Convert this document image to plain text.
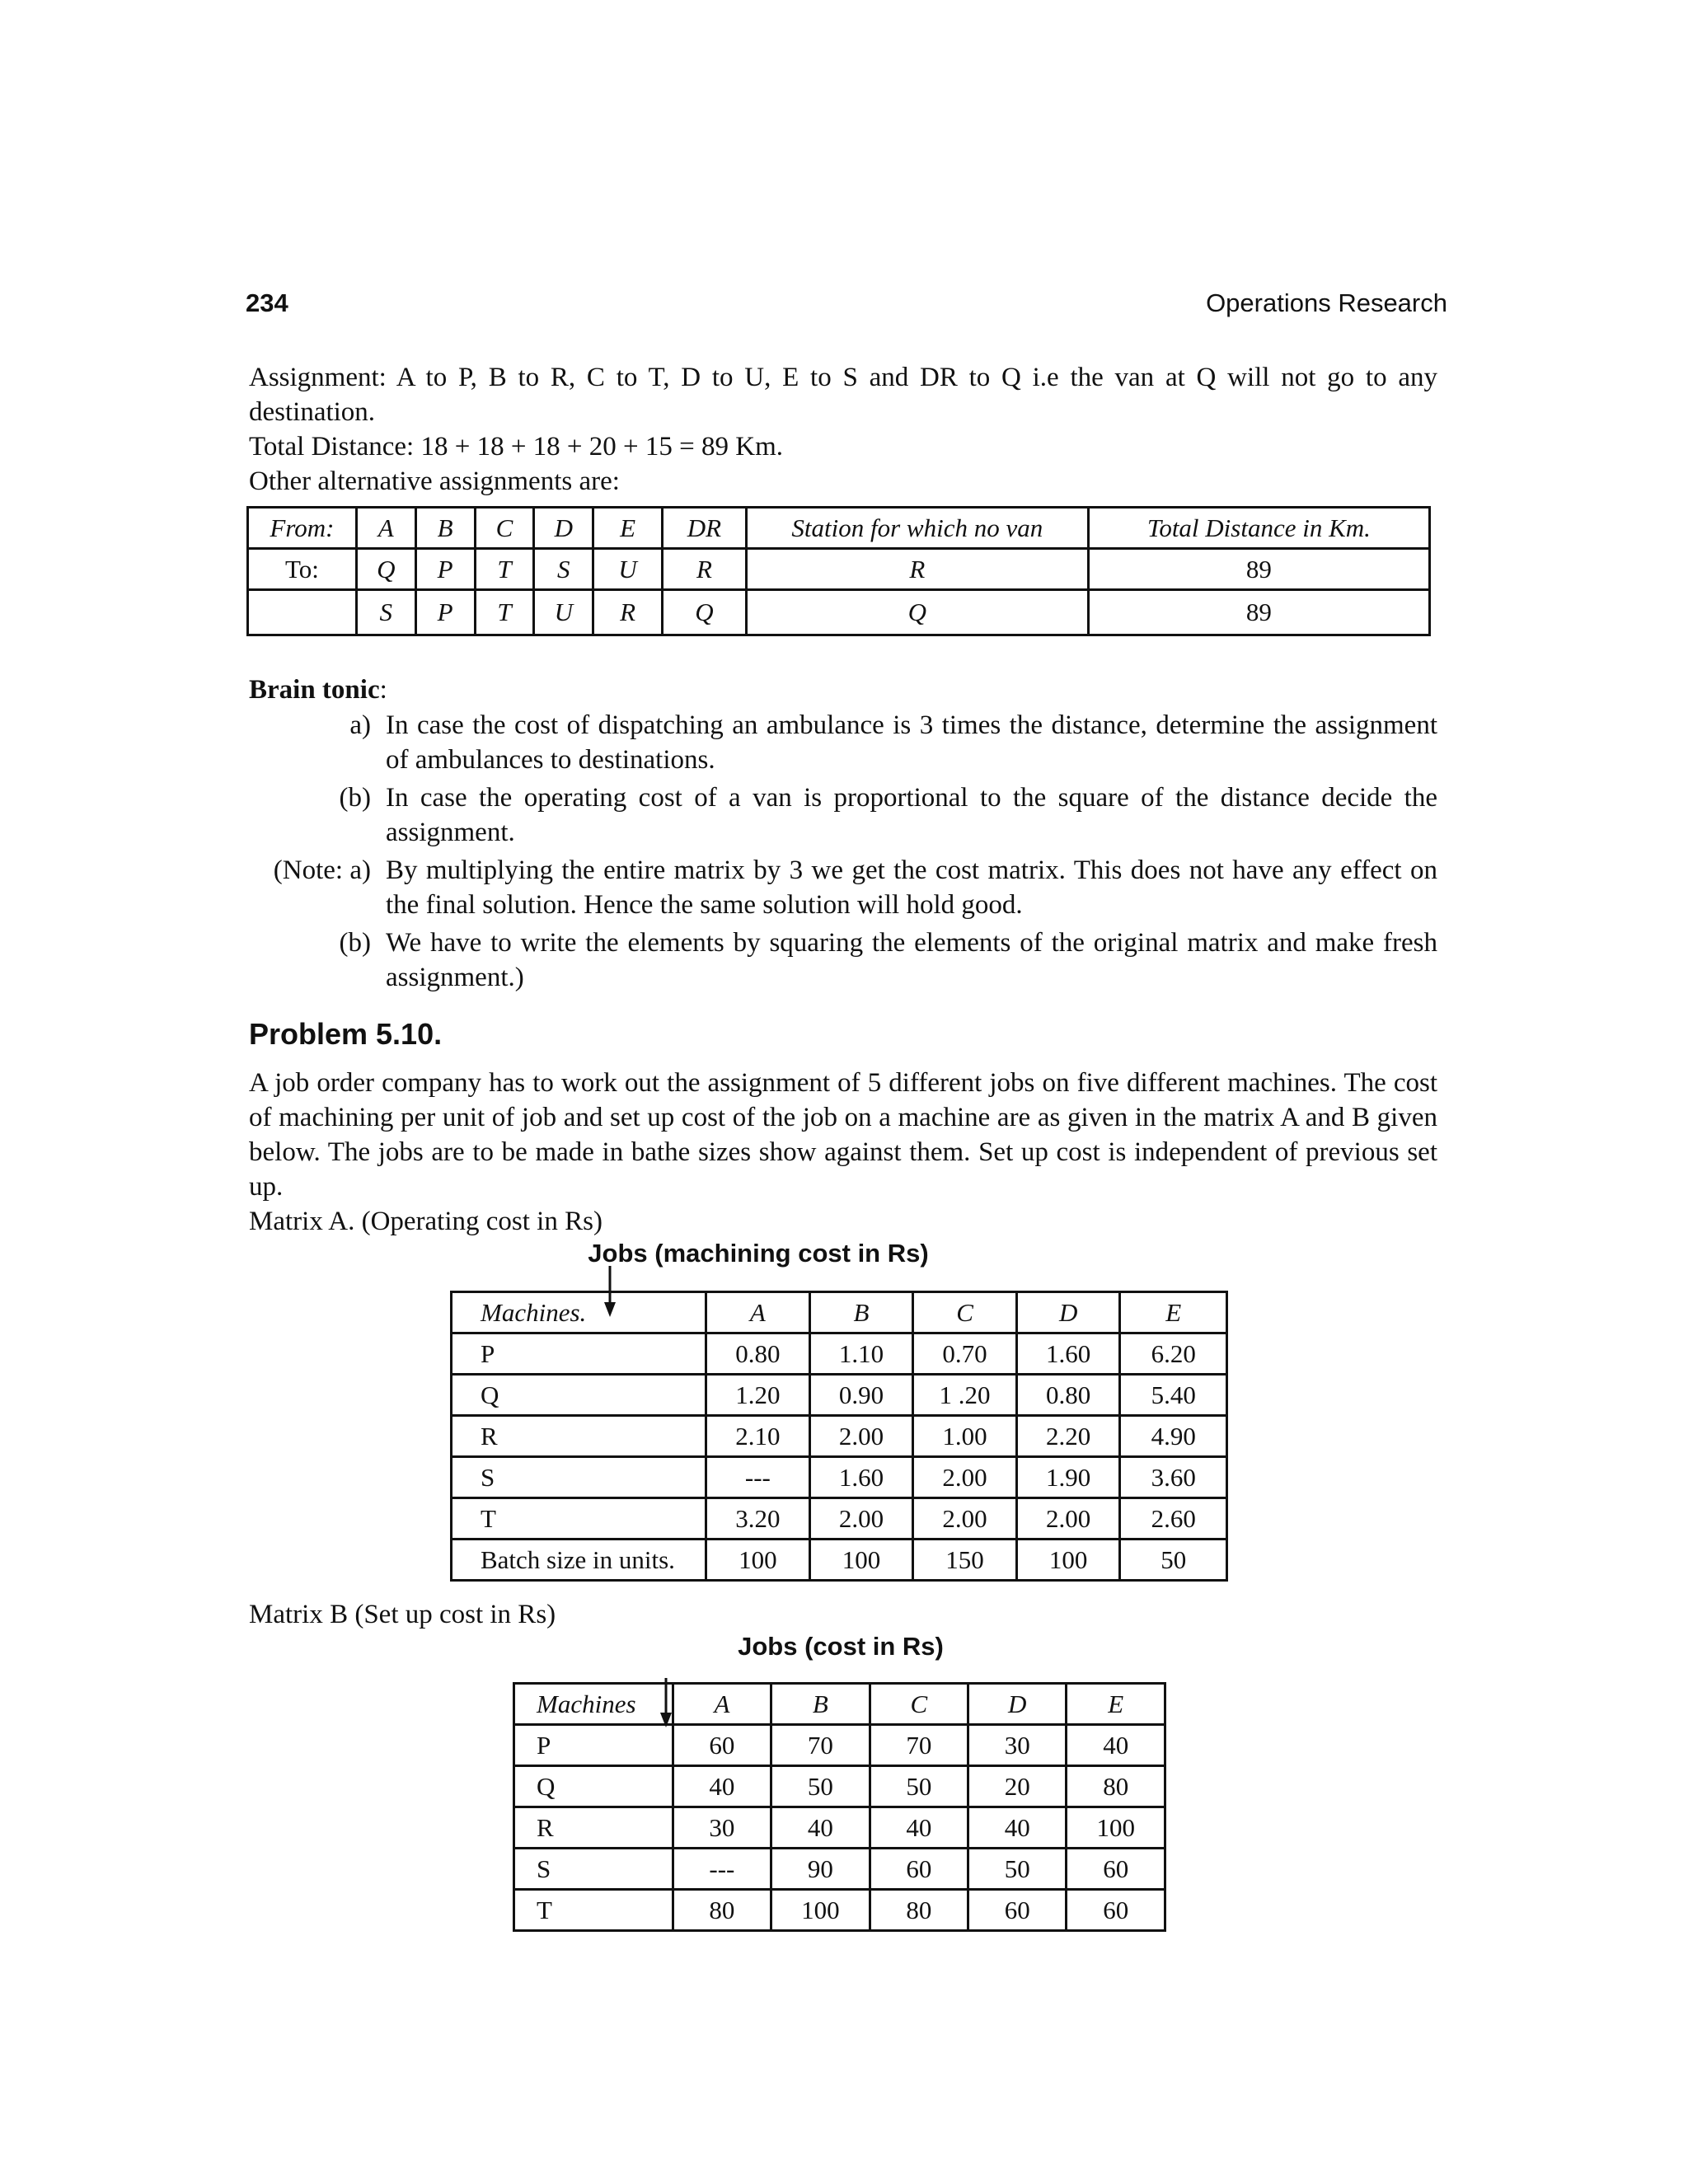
234	Operations Research
Assignment: A to P, B to R, C to T, D to U, E to S and DR to Q i.e the van at Q will not go to any destination.
Total Distance: 18 + 18 + 18 + 20 + 15 = 89 Km.
Other alternative assignments are:
From:	A	B	C	D	E	DR	Station for which no van	Total Distance in Km.
To:	Q	P	T	S	U	R	R	89
	S	P	T	U	R	Q	Q	89
Brain tonic:
a) In case the cost of dispatching an ambulance is 3 times the distance, determine the assignment of ambulances to destinations.
(b) In case the operating cost of a van is proportional to the square of the distance decide the assignment.
(Note: a) By multiplying the entire matrix by 3 we get the cost matrix. This does not have any effect on the final solution. Hence the same solution will hold good.
(b) We have to write the elements by squaring the elements of the original matrix and make fresh assignment.)
Problem 5.10.
A job order company has to work out the assignment of 5 different jobs on five different machines. The cost of machining per unit of job and set up cost of the job on a machine are as given in the matrix A and B given below. The jobs are to be made in bathe sizes show against them. Set up cost is independent of previous set up.
Matrix A. (Operating cost in Rs)
Jobs (machining cost in Rs)
Machines.	A	B	C	D	E
P	0.80	1.10	0.70	1.60	6.20
Q	1.20	0.90	1 .20	0.80	5.40
R	2.10	2.00	1.00	2.20	4.90
S	---	1.60	2.00	1.90	3.60
T	3.20	2.00	2.00	2.00	2.60
Batch size in units.	100	100	150	100	50
Matrix B (Set up cost in Rs)
Jobs (cost in Rs)
Machines	A	B	C	D	E
P	60	70	70	30	40
Q	40	50	50	20	80
R	30	40	40	40	100
S	---	90	60	50	60
T	80	100	80	60	60
